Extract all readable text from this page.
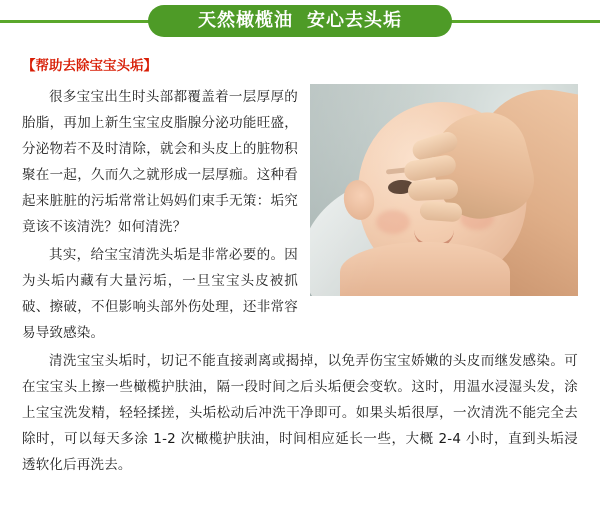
天然橄榄油 安心去头垢
【帮助去除宝宝头垢】

很多宝宝出生时头部都覆盖着一层厚厚的胎脂，再加上新生宝宝皮脂腺分泌功能旺盛，分泌物若不及时清除，就会和头皮上的脏物积聚在一起，久而久之就形成一层厚痂。这种看起来脏脏的污垢常常让妈妈们束手无策：垢究竟该不该清洗？如何清洗？

其实，给宝宝清洗头垢是非常必要的。因为头垢内藏有大量污垢，一旦宝宝头皮被抓破、擦破，不但影响头部外伤处理，还非常容易导致感染。

清洗宝宝头垢时，切记不能直接剥离或揭掉，以免弄伤宝宝娇嫩的头皮而继发感染。可在宝宝头上擦一些橄榄护肤油，隔一段时间之后头垢便会变软。这时，用温水浸湿头发，涂上宝宝洗发精，轻轻揉搓，头垢松动后冲洗干净即可。如果头垢很厚，一次清洗不能完全去除时，可以每天多涂 1-2 次橄榄护肤油，时间相应延长一些，大概 2-4 小时，直到头垢浸透软化后再洗去。
